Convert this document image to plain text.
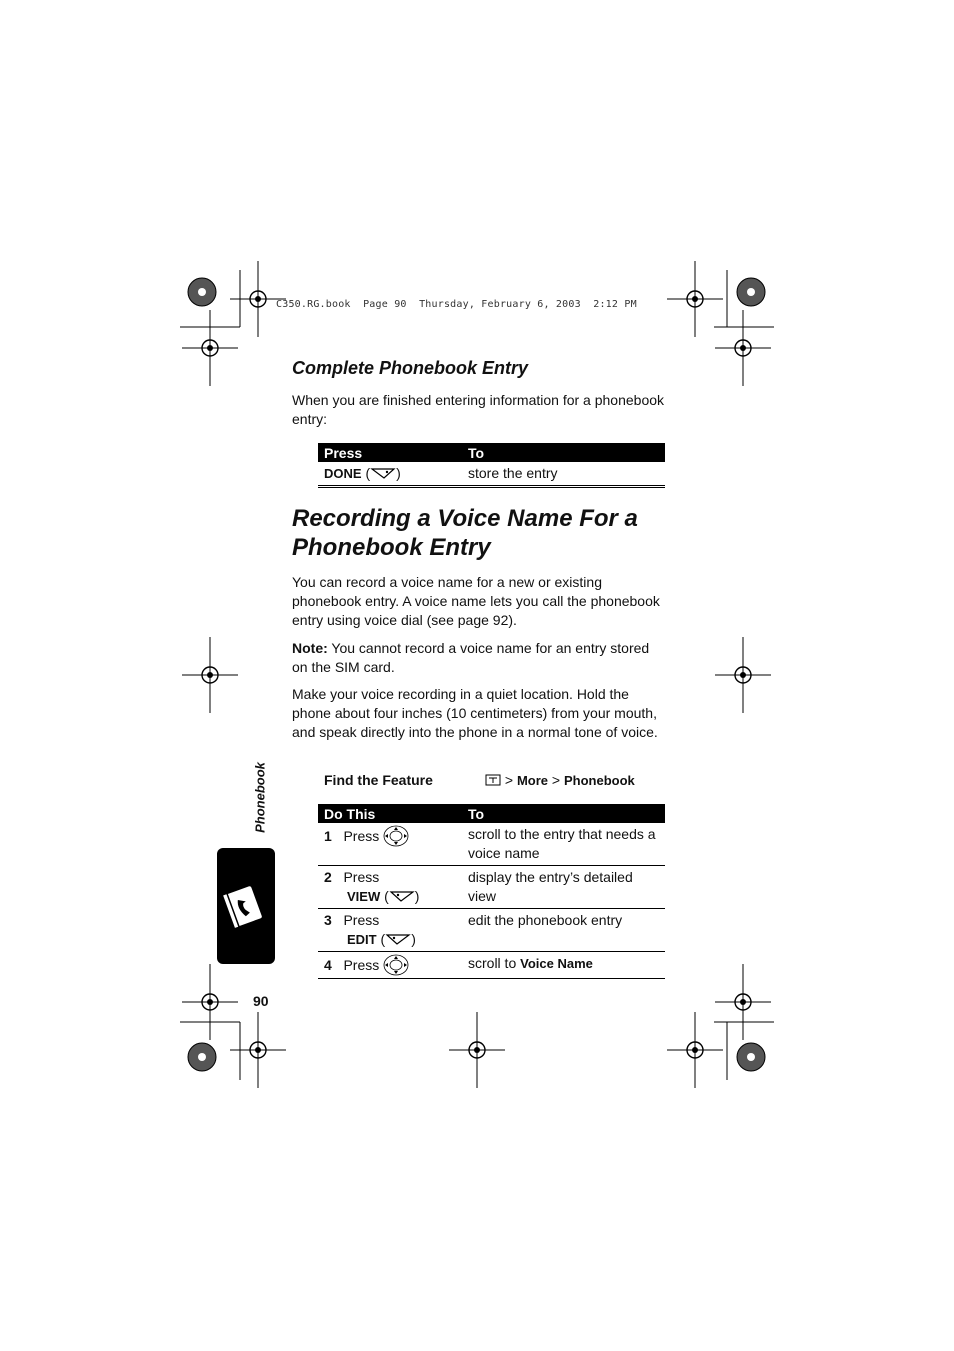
C350.RG.book  Page 90  Thursday, February 6, 2003  2:12 PM
Complete Phonebook Entry
When you are finished entering information for a phonebook entry:
Press	To
DONE ( )	store the entry
Recording a Voice Name For a Phonebook Entry
You can record a voice name for a new or existing phonebook entry. A voice name lets you call the phonebook entry using voice dial (see page 92).
Note: You cannot record a voice name for an entry stored on the SIM card.
Make your voice recording in a quiet location. Hold the phone about four inches (10 centimeters) from your mouth, and speak directly into the phone in a normal tone of voice.
Find the Feature	> More > Phonebook
Do This	To
1 Press	scroll to the entry that needs a voice name
2 Press
VIEW ( )	display the entry’s detailed view
3 Press
EDIT ( )	edit the phonebook entry
4 Press	scroll to Voice Name
Phonebook
90
